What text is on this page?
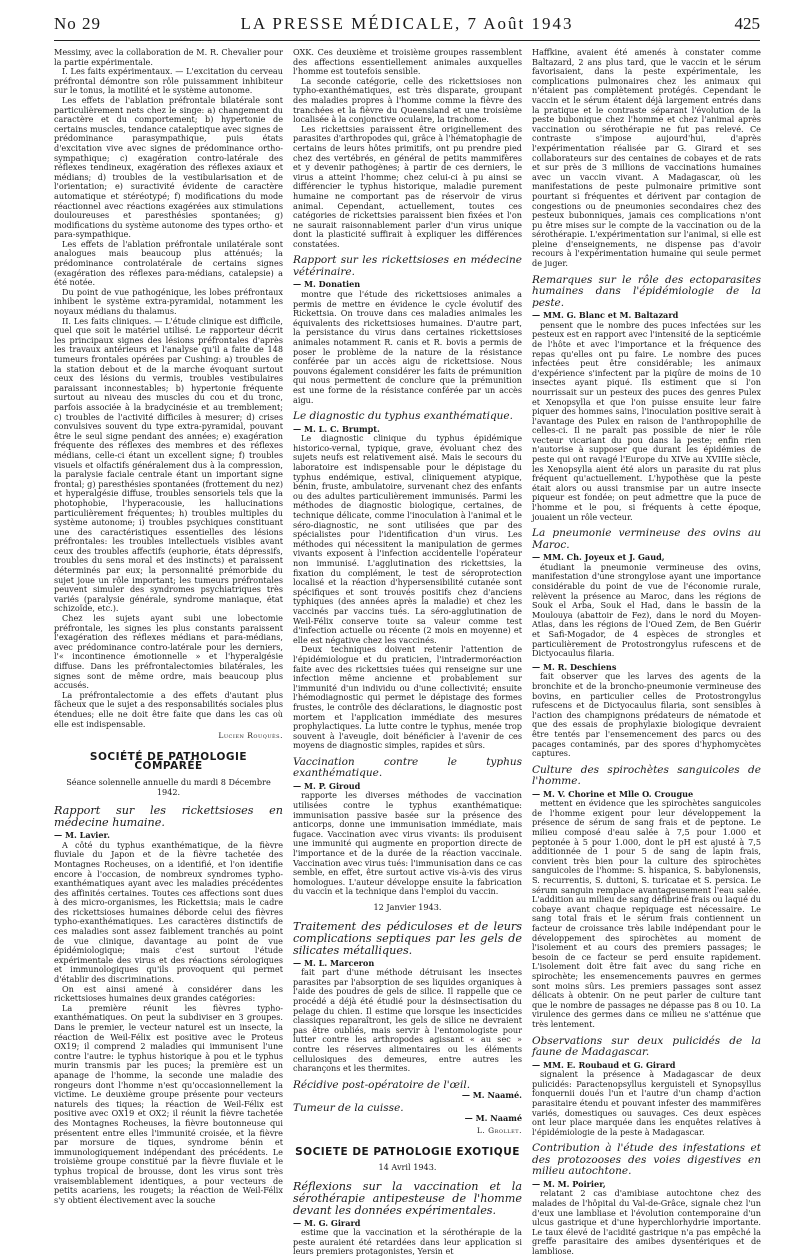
No 29	LA PRESSE MÉDICALE, 7 Août 1943	425

Messimy, avec la collaboration de M. R. Chevalier pour la partie expérimentale.

I. Les faits expérimentaux. — L'excitation du cerveau préfrontal démontre son rôle puissamment inhibiteur sur le tonus, la motilité et le système autonome.

Les effets de l'ablation préfrontale bilatérale sont particulièrement nets chez le singe: a) changement du caractère et du comportement; b) hypertonie de certains muscles, tendance cataleptique avec signes de prédominance parasympathique, puis états d'excitation vive avec signes de prédominance ortho-sympathique; c) exagération contro-latérale des réflexes tendineux, exagération des réflexes axiaux et médians; d) troubles de la vestibularisation et de l'orientation; e) suractivité évidente de caractère automatique et stéréotypé; f) modifications du mode réactionnel avec réactions exagérées aux stimulations douloureuses et paresthésies spontanées; g) modifications du système autonome des types ortho- et para-sympathique.

Les effets de l'ablation préfrontale unilatérale sont analogues mais beaucoup plus atténués; la prédominance controlatérale de certains signes (exagération des réflexes para-médians, catalepsie) a été notée.

Du point de vue pathogénique, les lobes préfrontaux inhibent le système extra-pyramidal, notamment les noyaux médians du thalamus.

II. Les faits cliniques. — L'étude clinique est difficile, quel que soit le matériel utilisé. Le rapporteur décrit les principaux signes des lésions préfrontales d'après les travaux antérieurs et l'analyse qu'il a faite de 148 tumeurs frontales opérées par Cushing: a) troubles de la station debout et de la marche évoquant surtout ceux des lésions du vermis, troubles vestibulaires paraissant inconnestables; b) hypertonie fréquente surtout au niveau des muscles du cou et du tronc, parfois associée à la bradycinésie et au tremblement; c) troubles de l'activité difficiles à mesurer; d) crises convulsives souvent du type extra-pyramidal, pouvant être le seul signe pendant des années; e) exagération fréquente des réflexes des membres et des réflexes médians, celle-ci étant un excellent signe; f) troubles visuels et olfactifs généralement dus à la compression, la paralysie faciale centrale étant un important signe frontal; g) paresthésies spontanées (frottement du nez) et hyperalgésie diffuse, troubles sensoriels tels que la photophobie, l'hyperacousie, les hallucinations particulièrement fréquentes; h) troubles multiples du système autonome; i) troubles psychiques constituant une des caractéristiques essentielles des lésions préfrontales: les troubles intellectuels visibles avant ceux des troubles affectifs (euphorie, états dépressifs, troubles du sens moral et des instincts) et paraissent déterminés par eux; la personnalité prémorbide du sujet joue un rôle important; les tumeurs préfrontales peuvent simuler des syndromes psychiatriques très variés (paralysie générale, syndrome maniaque, état schizoïde, etc.).

Chez les sujets ayant subi une lobectomie préfrontale, les signes les plus constants paraissent l'exagération des réflexes médians et para-médians, avec prédominance contro-latérale pour les derniers, l'« incontinence émotionnelle » et l'hyperalgésie diffuse. Dans les préfrontalectomies bilatérales, les signes sont de même ordre, mais beaucoup plus accusés.

La préfrontalectomie a des effets d'autant plus fâcheux que le sujet a des responsabilités sociales plus étendues; elle ne doit être faite que dans les cas où elle est indispensable.

Lucien Rouquès.

SOCIÉTÉ DE PATHOLOGIE COMPARÉE

Séance solennelle annuelle du mardi 8 Décembre 1942.

Rapport sur les rickettsioses en médecine humaine.

— M. Lavier.

A côté du typhus exanthématique, de la fièvre fluviale du Japon et de la fièvre tachetée des Montagnes Rocheuses, on a identifié, et l'on identifie encore à l'occasion, de nombreux syndromes typho-exanthématiques ayant avec les maladies précédentes des affinités certaines. Toutes ces affections sont dues à des micro-organismes, les Rickettsia; mais le cadre des rickettsioses humaines déborde celui des fièvres typho-exanthématiques. Les caractères distinctifs de ces maladies sont assez faiblement tranchés au point de vue clinique, davantage au point de vue épidémiologique; mais c'est surtout l'étude expérimentale des virus et des réactions sérologiques et immunologiques qu'ils provoquent qui permet d'établir des discriminations.

On est ainsi amené à considérer dans les rickettsioses humaines deux grandes catégories:

La première réunit les fièvres typho-exanthématiques. On peut la subdiviser en 3 groupes. Dans le premier, le vecteur naturel est un insecte, la réaction de Weil-Félix est positive avec le Proteus OX19; il comprend 2 maladies qui immunisent l'une contre l'autre: le typhus historique à pou et le typhus murin transmis par les puces; la première est un apanage de l'homme, la seconde une maladie des rongeurs dont l'homme n'est qu'occasionnellement la victime. Le deuxième groupe présente pour vecteurs naturels des tiques; la réaction de Weil-Félix est positive avec OX19 et OX2; il réunit la fièvre tachetée des Montagnes Rocheuses, la fièvre boutonneuse qui présentent entre elles l'immunité croisée, et la fièvre par morsure de tiques, syndrome bénin et immunologiquement indépendant des précédents. Le troisième groupe constitué par la fièvre fluviale et le typhus tropical de brousse, dont les virus sont très vraisemblablement identiques, a pour vecteurs de petits acariens, les rougets; la réaction de Weil-Félix s'y obtient électivement avec la souche

OXK. Ces deuxième et troisième groupes rassemblent des affections essentiellement animales auxquelles l'homme est toutefois sensible.

La seconde catégorie, celle des rickettsioses non typho-exanthématiques, est très disparate, groupant des maladies propres à l'homme comme la fièvre des tranchées et la fièvre du Queensland et une troisième localisée à la conjonctive oculaire, la trachome.

Les rickettsies paraissent être originellement des parasites d'arthropodes qui, grâce à l'hématophagie de certains de leurs hôtes primitifs, ont pu prendre pied chez des vertébrés, en général de petits mammifères et y devenir pathogènes; à partir de ces derniers, le virus a atteint l'homme; chez celui-ci à pu ainsi se différencier le typhus historique, maladie purement humaine ne comportant pas de réservoir de virus animal. Cependant, actuellement, toutes ces catégories de rickettsies paraissent bien fixées et l'on ne saurait raisonnablement parler d'un virus unique dont la plasticité suffirait à expliquer les différences constatées.

Rapport sur les rickettsioses en médecine vétérinaire.

— M. Donatien

montre que l'étude des rickettsioses animales a permis de mettre en évidence le cycle évolutif des Rickettsia. On trouve dans ces maladies animales les équivalents des rickettsioses humaines. D'autre part, la persistance du virus dans certaines rickettsioses animales notamment R. canis et R. bovis a permis de poser le problème de la nature de la résistance conférée par un accès aigu de rickettsiose. Nous pouvons également considérer les faits de prémunition qui nous permettent de conclure que la prémunition est une forme de la résistance conférée par un accès aigu.

Le diagnostic du typhus exanthématique.

— M. L. C. Brumpt.

Le diagnostic clinique du typhus épidémique historico-vernal, typique, grave, évoluant chez des sujets neufs est relativement aisé. Mais le secours du laboratoire est indispensable pour le dépistage du typhus endémique, estival, cliniquement atypique, bénin, fruste, ambulatoire, survenant chez des enfants ou des adultes particulièrement immunisés. Parmi les méthodes de diagnostic biologique, certaines, de technique délicate, comme l'inoculation à l'animal et le séro-diagnostic, ne sont utilisées que par des spécialistes pour l'identification d'un virus. Les méthodes qui nécessitent la manipulation de germes vivants exposent à l'infection accidentelle l'opérateur non immunisé. L'agglutination des rickettsies, la fixation du complément, le test de séroprotection localisé et la réaction d'hypersensibilité cutanée sont spécifiques et sont trouvés positifs chez d'anciens typhiques (des années après la maladie) et chez les vaccinés par vaccins tués. La séro-agglutination de Weil-Félix conserve toute sa valeur comme test d'infection actuelle ou récente (2 mois en moyenne) et elle est négative chez les vaccinés.

Deux techniques doivent retenir l'attention de l'épidémiologue et du praticien, l'intradermoréaction faite avec des rickettsies tuées qui renseigne sur une infection même ancienne et probablement sur l'immunité d'un individu ou d'une collectivité; ensuite l'hémodiagnostic qui permet le dépistage des formes frustes, le contrôle des déclarations, le diagnostic post mortem et l'application immédiate des mesures prophylactiques. La lutte contre le typhus, menée trop souvent à l'aveugle, doit bénéficier à l'avenir de ces moyens de diagnostic simples, rapides et sûrs.

Vaccination contre le typhus exanthématique.

— M. P. Giroud

rapporte les diverses méthodes de vaccination utilisées contre le typhus exanthématique: immunisation passive basée sur la présence des anticorps, donne une immunisation immédiate, mais fugace. Vaccination avec virus vivants: ils produisent une immunité qui augmente en proportion directe de l'importance et de la durée de la réaction vaccinale. Vaccination avec virus tués: l'immunisation dans ce cas semble, en effet, être surtout active vis-à-vis des virus homologues. L'auteur développe ensuite la fabrication du vaccin et la technique dans l'emploi du vaccin.

12 Janvier 1943.

Traitement des pédiculoses et de leurs complications septiques par les gels de silicates métalliques.

— M. L. Marceron

fait part d'une méthode détruisant les insectes parasites par l'absorption de ses liquides organiques à l'aide des poudres de gels de silice. Il rappelle que ce procédé a déjà été étudié pour la désinsectisation du pelage du chien. Il estime que lorsque les insecticides classiques reparaîtront, les gels de silice ne devraient pas être oubliés, mais servir à l'entomologiste pour lutter contre les arthropodes agissant « au sec » contre les réserves alimentaires ou les éléments cellulosiques des demeures, entre autres les charançons et les thermites.

Récidive post-opératoire de l'œil.

— M. Naamé.

Tumeur de la cuisse.

— M. Naamé

L. Grollet.

SOCIETE DE PATHOLOGIE EXOTIQUE

14 Avril 1943.

Réflexions sur la vaccination et la sérothérapie antipesteuse de l'homme devant les données expérimentales.

— M. G. Girard

estime que la vaccination et la sérothérapie de la peste auraient été retardées dans leur application si leurs premiers protagonistes, Yersin et

Haffkine, avaient été amenés à constater comme Baltazard, 2 ans plus tard, que le vaccin et le sérum favorisaient, dans la peste expérimentale, les complications pulmonaires chez les animaux qui n'étaient pas complètement protégés. Cependant le vaccin et le sérum étaient déjà largement entrés dans la pratique et le contraste séparant l'évolution de la peste bubonique chez l'homme et chez l'animal après vaccination ou sérothérapie ne fut pas relevé. Ce contraste s'impose aujourd'hui, d'après l'expérimentation réalisée par G. Girard et ses collaborateurs sur des centaines de cobayes et de rats et sur près de 3 millions de vaccinations humaines avec un vaccin vivant. A Madagascar, où les manifestations de peste pulmonaire primitive sont pourtant si fréquentes et dérivent par contagion de congestions ou de pneumonies secondaires chez des pesteux bubonniques, jamais ces complications n'ont pu être mises sur le compte de la vaccination ou de la sérothérapie. L'expérimentation sur l'animal, si elle est pleine d'enseignements, ne dispense pas d'avoir recours à l'expérimentation humaine qui seule permet de juger.

Remarques sur le rôle des ectoparasites humaines dans l'épidémiologie de la peste.

— MM. G. Blanc et M. Baltazard

pensent que le nombre des puces infectées sur les pesteux est en rapport avec l'intensité de la septicémie de l'hôte et avec l'importance et la fréquence des repas qu'elles ont pu faire. Le nombre des puces infectées peut être considérable; les animaux d'expérience s'infectent par la piqûre de moins de 10 insectes ayant piqué. Ils estiment que si l'on nourrissait sur un pesteux des puces des genres Pulex et Xenopsylla et que l'on puisse ensuite leur faire piquer des hommes sains, l'inoculation positive serait à l'avantage des Pulex en raison de l'anthropophilie de celles-ci. Il ne paraît pas possible de nier le rôle vecteur vicariant du pou dans la peste; enfin rien n'autorise à supposer que durant les épidémies de peste qui ont ravagé l'Europe du XIVe au XVIIIe siècle, les Xenopsylla aient été alors un parasite du rat plus fréquent qu'actuellement. L'hypothèse que la peste était alors ou aussi transmise par un autre insecte piqueur est fondée; on peut admettre que la puce de l'homme et le pou, si fréquents à cette époque, jouaient un rôle vecteur.

La pneumonie vermineuse des ovins au Maroc.

— MM. Ch. Joyeux et J. Gaud,

étudiant la pneumonie vermineuse des ovins, manifestation d'une strongylose ayant une importance considérable du point de vue de l'économie rurale, relèvent la présence au Maroc, dans les régions de Souk el Arba, Souk el Had, dans le bassin de la Moulouya (abattoir de Fez), dans le nord du Moyen-Atlas, dans les régions de l'Oued Zem, de Ben Guérir et Safi-Mogador, de 4 espèces de strongles et particulièrement de Protostrongylus rufescens et de Dictyocaulus filaria.

— M. R. Deschiens

fait observer que les larves des agents de la bronchite et de la broncho-pneumonie vermineuse des bovins, en particulier celles de Protostrongylus rufescens et de Dictyocaulus filaria, sont sensibles à l'action des champignons prédateurs de nématode et que des essais de prophylaxie biologique devraient être tentés par l'ensemencement des parcs ou des pacages contaminés, par des spores d'hyphomycètes captures.

Culture des spirochètes sanguicoles de l'homme.

— M. V. Chorine et Mlle O. Crougue

mettent en évidence que les spirochètes sanguicoles de l'homme exigent pour leur développement la présence de sérum de sang frais et de peptone. Le milieu composé d'eau salée à 7,5 pour 1.000 et peptonée à 5 pour 1.000, dont le pH est ajusté à 7,5 additionnée de 1 pour 5 de sang de lapin frais, convient très bien pour la culture des spirochètes sanguicoles de l'homme: S. hispanica, S. babylonensis, S. recurrentis, S. duttoni, S. turicatae et S. persica. Le sérum sanguin remplace avantageusement l'eau salée. L'addition au milieu de sang défibriné frais ou laqué du cobaye avant chaque repiquage est nécessaire. Le sang total frais et le sérum frais contiennent un facteur de croissance très labile indépendant pour le développement des spirochètes au moment de l'isolement et au cours des premiers passages; le besoin de ce facteur se perd ensuite rapidement. L'isolement doit être fait avec du sang riche en spirochète; les ensemencements pauvres en germes sont moins sûrs. Les premiers passages sont assez délicats à obtenir. On ne peut parler de culture tant que le nombre de passages ne dépasse pas 8 ou 10. La virulence des germes dans ce milieu ne s'atténue que très lentement.

Observations sur deux pulicidés de la faune de Madagascar.

— MM. E. Roubaud et G. Girard

signalent la présence à Madagascar de deux pulicidés: Paractenopsyllus kerguisteli et Synopsyllus fonquernii doués l'un et l'autre d'un champ d'action parasitaire étendu et pouvant infester des mammifères variés, domestiques ou sauvages. Ces deux espèces ont leur place marquée dans les enquêtes relatives à l'épidémiologie de la peste à Madagascar.

Contribution à l'étude des infestations et des protozooses des voies digestives en milieu autochtone.

— M. M. Poirier,

relatant 2 cas d'amibiase autochtone chez des malades de l'hôpital du Val-de-Grâce, signale chez l'un d'eux une lambliase et l'évolution contemporaine d'un ulcus gastrique et d'une hyperchlorhydrie importante. Le taux élevé de l'acidité gastrique n'a pas empêché la greffe parasitaire des amibes dysentériques et de lambliose.
